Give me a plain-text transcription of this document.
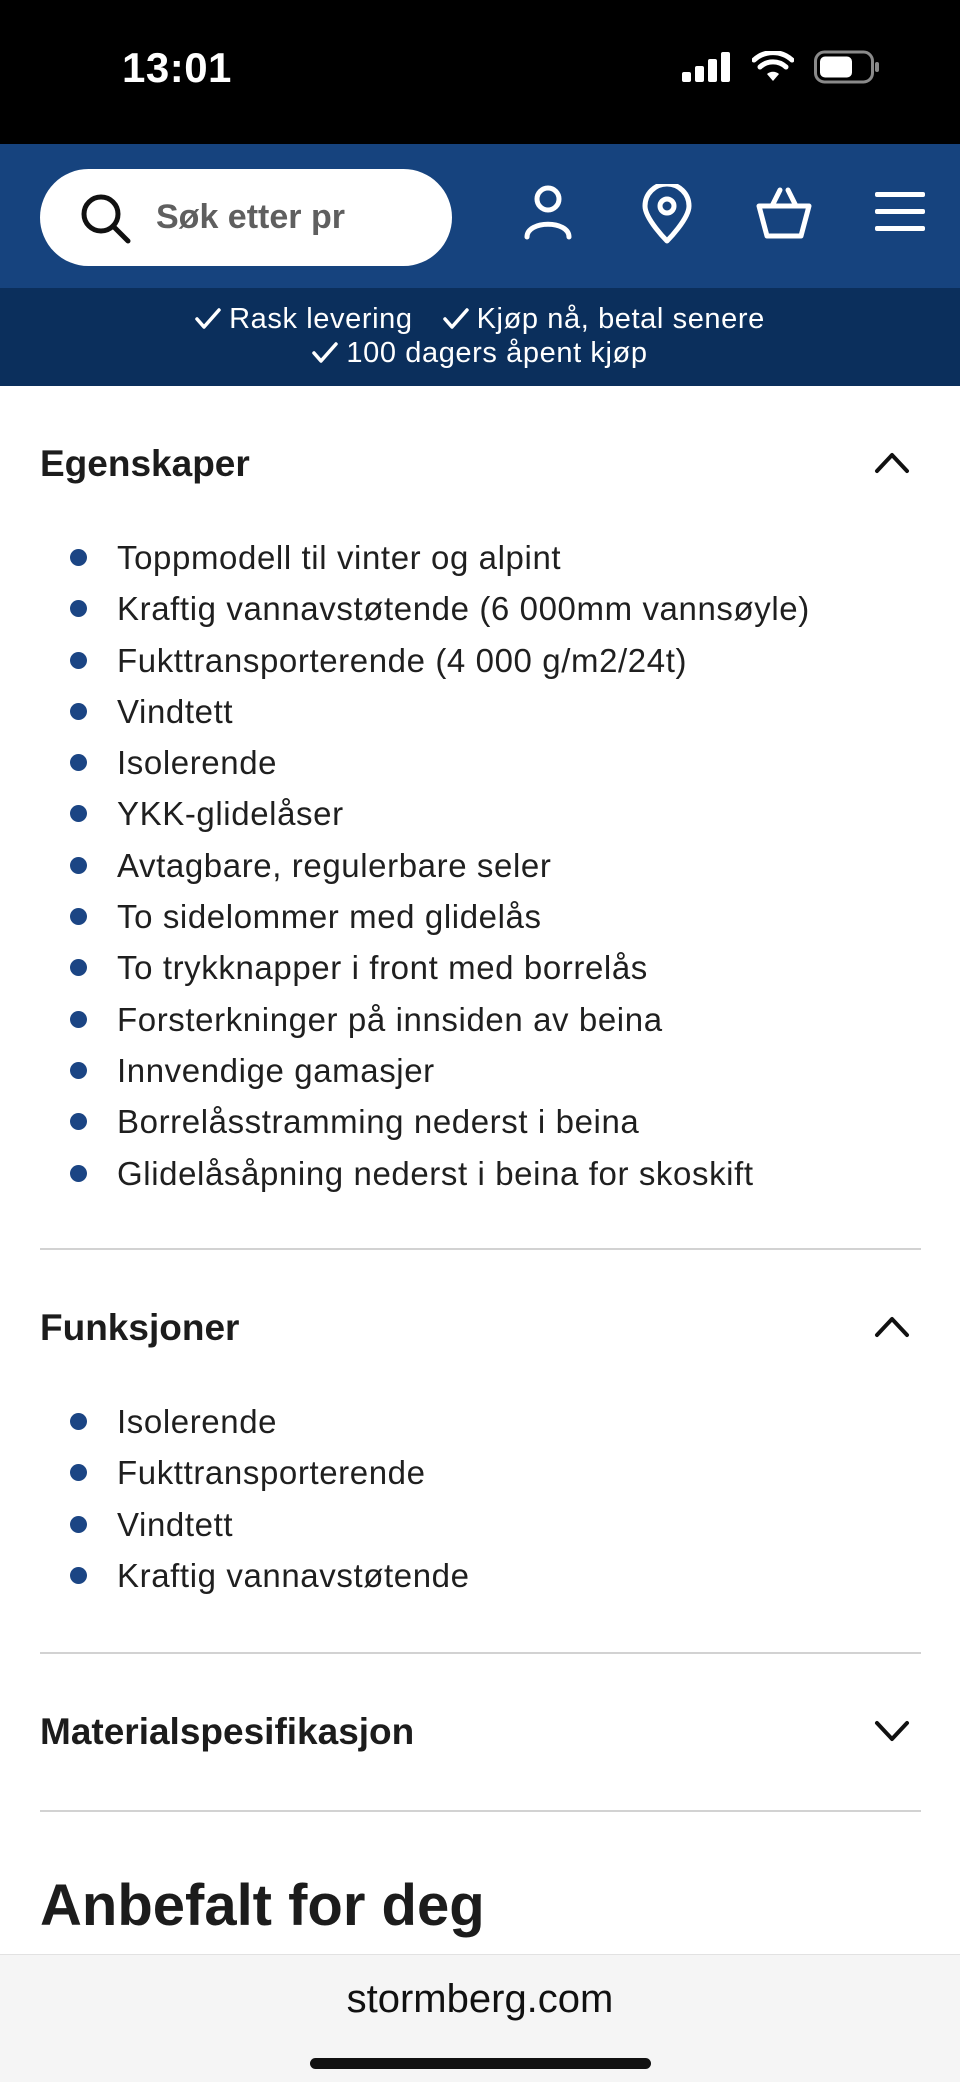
13:01
Søk etter pr
Rask levering Kjøp nå, betal senere
100 dagers åpent kjøp
Egenskaper
Toppmodell til vinter og alpint
Kraftig vannavstøtende (6 000mm vannsøyle)
Fukttransporterende (4 000 g/m2/24t)
Vindtett
Isolerende
YKK-glidelåser
Avtagbare, regulerbare seler
To sidelommer med glidelås
To trykknapper i front med borrelås
Forsterkninger på innsiden av beina
Innvendige gamasjer
Borrelåsstramming nederst i beina
Glidelåsåpning nederst i beina for skoskift
Funksjoner
Isolerende
Fukttransporterende
Vindtett
Kraftig vannavstøtende
Materialspesifikasjon
Anbefalt for deg
stormberg.com
